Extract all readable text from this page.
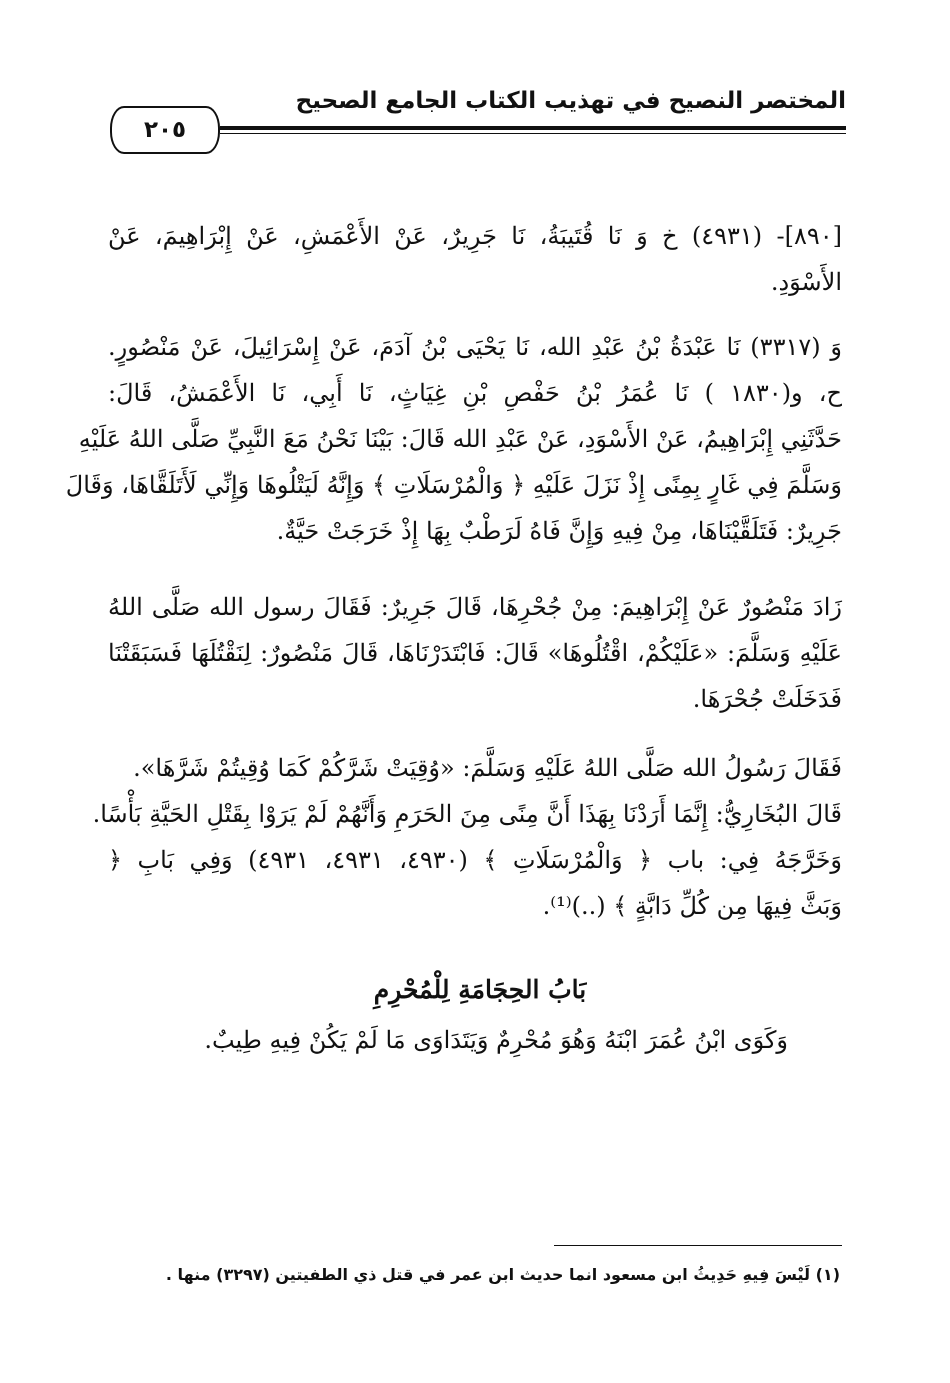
المختصر النصيح في تهذيب الكتاب الجامع الصحيح
٢٠٥
[٨٩٠]- (٤٩٣١) خ وَ نَا قُتَيبَةُ، نَا جَرِيرٌ، عَنْ الأَعْمَشِ، عَنْ إِبْرَاهِيمَ، عَنْ
الأَسْوَدِ.
وَ (٣٣١٧) نَا عَبْدَةُ بْنُ عَبْدِ الله، نَا يَحْيَى بْنُ آدَمَ، عَنْ إِسْرَائِيلَ، عَنْ مَنْصُورٍ.
ح، و(١٨٣٠ ) نَا عُمَرُ بْنُ حَفْصِ بْنِ غِيَاثٍ، نَا أَبِي، نَا الأَعْمَشُ، قَالَ:
حَدَّثَنِي إِبْرَاهِيمُ، عَنْ الأَسْوَدِ، عَنْ عَبْدِ الله قَالَ: بَيْنَا نَحْنُ مَعَ النَّبِيِّ صَلَّى اللهُ عَلَيْهِ
وَسَلَّمَ فِي غَارٍ بِمِنًى إِذْ نَزَلَ عَلَيْهِ ﴿ وَالْمُرْسَلَاتِ ﴾ وَإِنَّهُ لَيَتْلُوهَا وَإِنِّي لَأَتَلَقَّاهَا، وَقَالَ
جَرِيرٌ: فَتَلَقَّيْنَاهَا، مِنْ فِيهِ وَإِنَّ فَاهُ لَرَطْبٌ بِهَا إِذْ خَرَجَتْ حَيَّةٌ.
زَادَ مَنْصُورٌ عَنْ إِبْرَاهِيمَ: مِنْ جُحْرِهَا، قَالَ جَرِيرٌ: فَقَالَ رسول الله صَلَّى اللهُ
عَلَيْهِ وَسَلَّمَ: «عَلَيْكُمْ، اقْتُلُوهَا» قَالَ: فَابْتَدَرْنَاهَا، قَالَ مَنْصُورٌ: لِنَقْتُلَهَا فَسَبَقَتْنَا
فَدَخَلَتْ جُحْرَهَا.
فَقَالَ رَسُولُ الله صَلَّى اللهُ عَلَيْهِ وَسَلَّمَ: «وُقِيَتْ شَرَّكُمْ كَمَا وُقِيتُمْ شَرَّهَا».
قَالَ البُخَارِيُّ: إِنَّمَا أَرَدْنَا بِهَذَا أَنَّ مِنًى مِنَ الحَرَمِ وَأَنَّهُمْ لَمْ يَرَوْا بِقَتْلِ الحَيَّةِ بَأْسًا.
وَخَرَّجَهُ فِي: باب ﴿ وَالْمُرْسَلَاتِ ﴾ (٤٩٣٠، ٤٩٣١، ٤٩٣١) وَفِي بَابِ ﴿
وَبَثَّ فِيهَا مِن كُلِّ دَابَّةٍ ﴾ (..)⁽¹⁾.
بَابُ الحِجَامَةِ لِلْمُحْرِمِ
وَكَوَى ابْنُ عُمَرَ ابْنَهُ وَهُوَ مُحْرِمٌ وَيَتَدَاوَى مَا لَمْ يَكُنْ فِيهِ طِيبٌ.
(١) لَيْسَ فِيهِ حَدِيثُ ابن مسعود انما حديث ابن عمر في قتل ذي الطفيتين (٣٢٩٧) منها .
